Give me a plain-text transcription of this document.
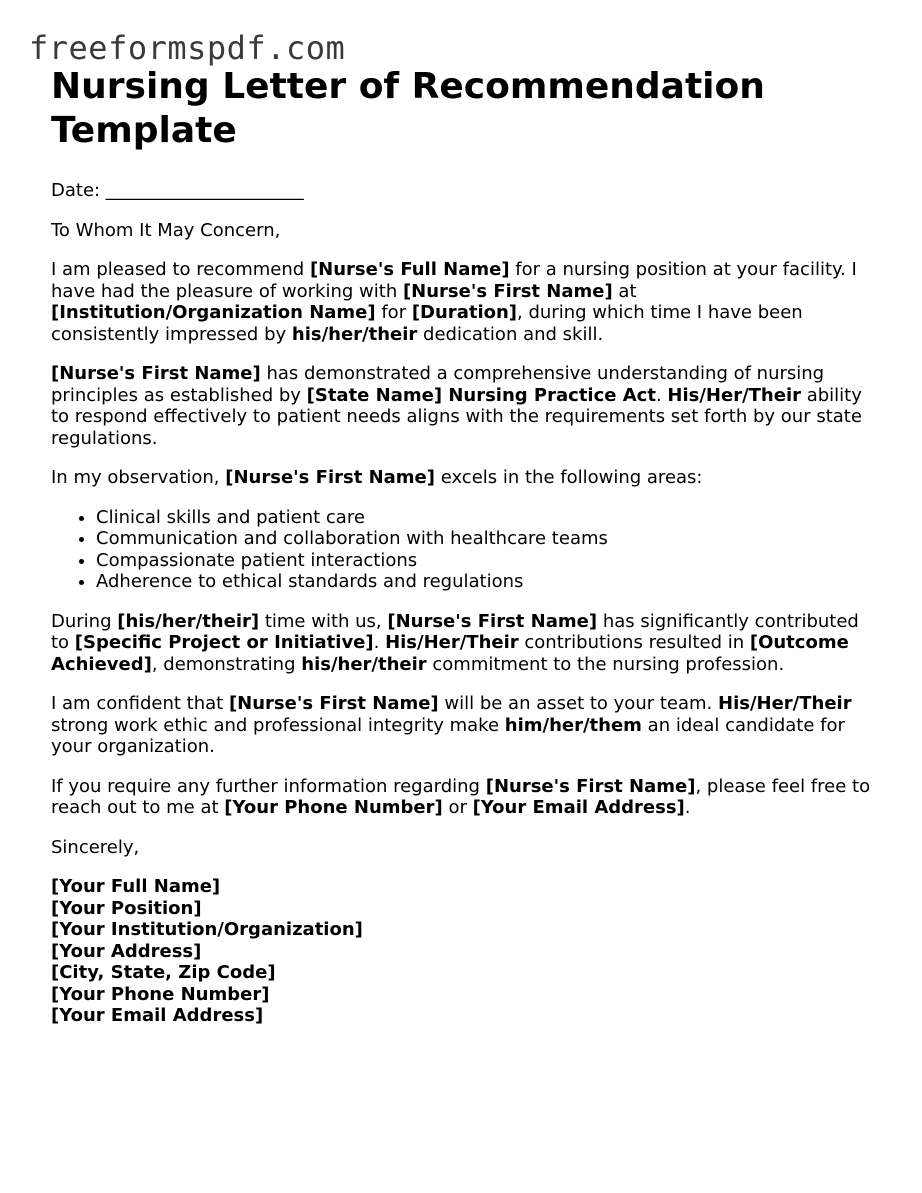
freeformspdf.com
Nursing Letter of Recommendation Template

Date: ______________________

To Whom It May Concern,

I am pleased to recommend [Nurse's Full Name] for a nursing position at your facility. I have had the pleasure of working with [Nurse's First Name] at [Institution/Organization Name] for [Duration], during which time I have been consistently impressed by his/her/their dedication and skill.

[Nurse's First Name] has demonstrated a comprehensive understanding of nursing principles as established by [State Name] Nursing Practice Act. His/Her/Their ability to respond effectively to patient needs aligns with the requirements set forth by our state regulations.

In my observation, [Nurse's First Name] excels in the following areas:

• Clinical skills and patient care
• Communication and collaboration with healthcare teams
• Compassionate patient interactions
• Adherence to ethical standards and regulations

During [his/her/their] time with us, [Nurse's First Name] has significantly contributed to [Specific Project or Initiative]. His/Her/Their contributions resulted in [Outcome Achieved], demonstrating his/her/their commitment to the nursing profession.

I am confident that [Nurse's First Name] will be an asset to your team. His/Her/Their strong work ethic and professional integrity make him/her/them an ideal candidate for your organization.

If you require any further information regarding [Nurse's First Name], please feel free to reach out to me at [Your Phone Number] or [Your Email Address].

Sincerely,

[Your Full Name]
[Your Position]
[Your Institution/Organization]
[Your Address]
[City, State, Zip Code]
[Your Phone Number]
[Your Email Address]
